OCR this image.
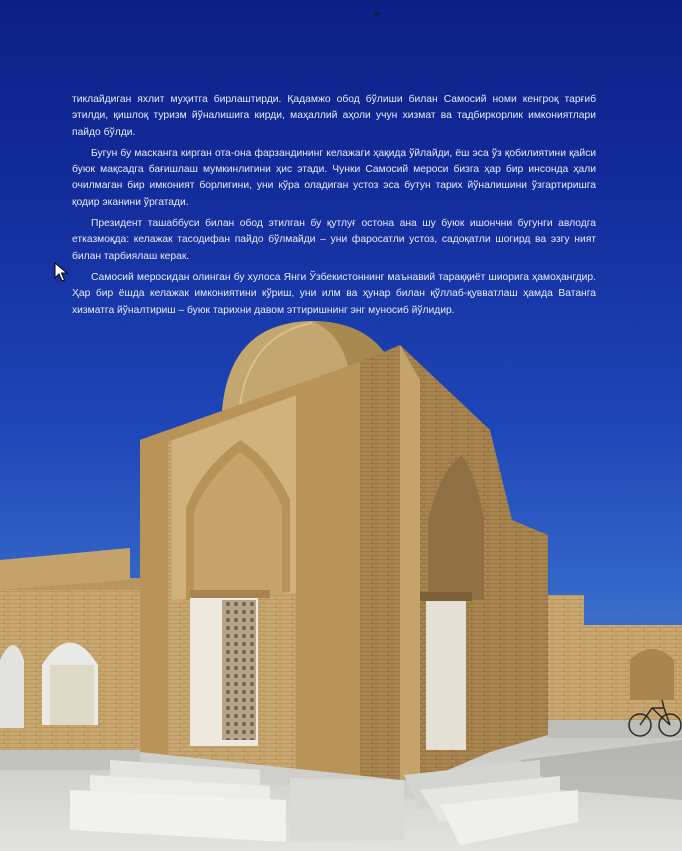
тиклайдиган яхлит муҳитга бирлаштирди. Қадамжо обод бўлиши билан Самосий номи кенгроқ тарғиб этилди, қишлоқ туризм йўналишига кирди, маҳаллий аҳоли учун хизмат ва тадбиркорлик имкониятлари пайдо бўлди.

Бугун бу масканга кирган ота-она фарзандининг келажаги ҳақида ўйлайди, ёш эса ўз қобилиятини қайси буюк мақсадга бағишлаш мумкинлигини ҳис этади. Чунки Самосий мероси бизга ҳар бир инсонда ҳали очилмаган бир имконият борлигини, уни кўра оладиган устоз эса бутун тарих йўналишини ўзгартиришга қодир эканини ўргатади.

Президент ташаббуси билан обод этилган бу қутлуғ остона ана шу буюк ишончни бугунги авлодга етказмоқда: келажак тасодифан пайдо бўлмайди – уни фаросатли устоз, садоқатли шогирд ва эзгу ният билан тарбиялаш керак.

Самосий меросидан олинган бу хулоса Янги Ўзбекистоннинг маънавий тараққиёт шиорига ҳамоҳангдир. Ҳар бир ёшда келажак имкониятини кўриш, уни илм ва ҳунар билан қўллаб-қувватлаш ҳамда Ватанга хизматга йўналтириш – буюк тарихни давом эттиришнинг энг муносиб йўлидир.
